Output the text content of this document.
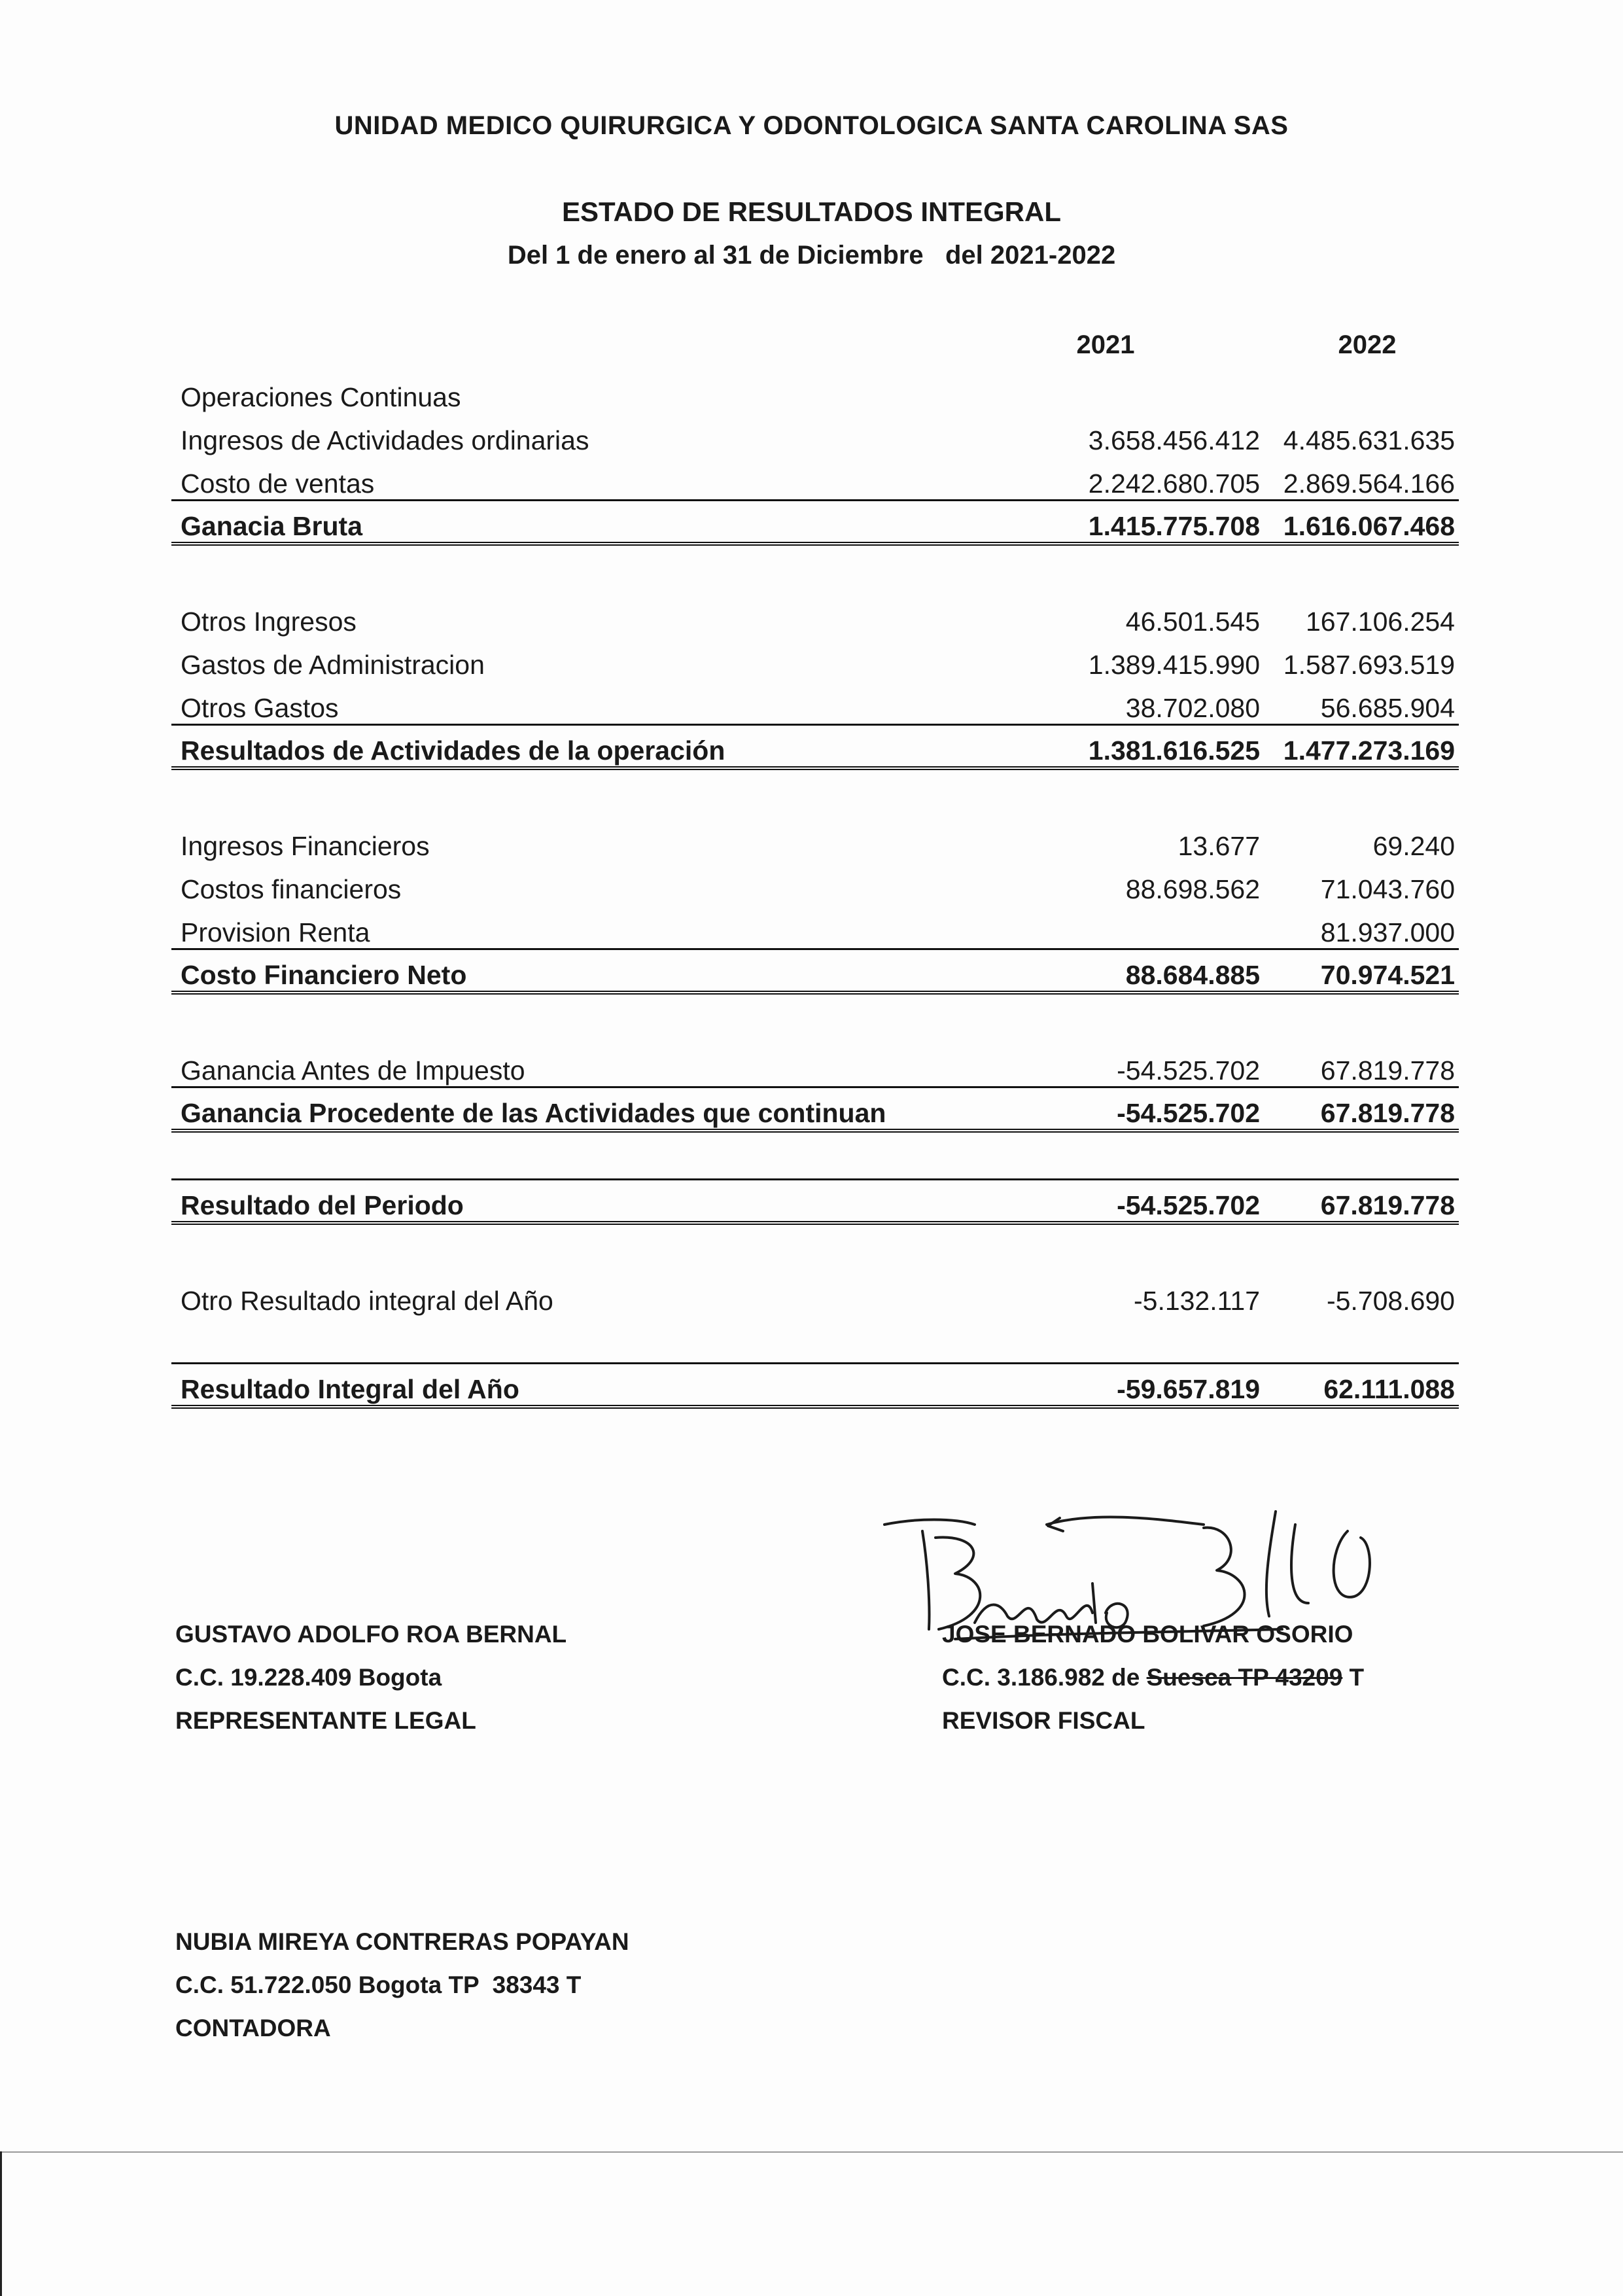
UNIDAD MEDICO QUIRURGICA Y ODONTOLOGICA SANTA CAROLINA SAS
ESTADO DE RESULTADOS INTEGRAL
Del 1 de enero al 31 de Diciembre   del 2021-2022
2021	2022
Operaciones Continuas		
Ingresos de Actividades ordinarias	3.658.456.412	4.485.631.635
Costo de ventas	2.242.680.705	2.869.564.166
Ganacia Bruta	1.415.775.708	1.616.067.468

Otros Ingresos	46.501.545	167.106.254
Gastos de Administracion	1.389.415.990	1.587.693.519
Otros Gastos	38.702.080	56.685.904
Resultados de Actividades de la operación	1.381.616.525	1.477.273.169

Ingresos Financieros	13.677	69.240
Costos financieros	88.698.562	71.043.760
Provision Renta		81.937.000
Costo Financiero Neto	88.684.885	70.974.521

Ganancia Antes de Impuesto	-54.525.702	67.819.778
Ganancia Procedente de las Actividades que continuan	-54.525.702	67.819.778

Resultado del Periodo	-54.525.702	67.819.778

Otro Resultado integral del Año	-5.132.117	-5.708.690

Resultado Integral del Año	-59.657.819	62.111.088
GUSTAVO ADOLFO ROA BERNAL
C.C. 19.228.409 Bogota
REPRESENTANTE LEGAL
JOSE BERNADO BOLIVAR OSORIO
C.C. 3.186.982 de Suesca TP 43209 T
REVISOR FISCAL
NUBIA MIREYA CONTRERAS POPAYAN
C.C. 51.722.050 Bogota TP  38343 T
CONTADORA
